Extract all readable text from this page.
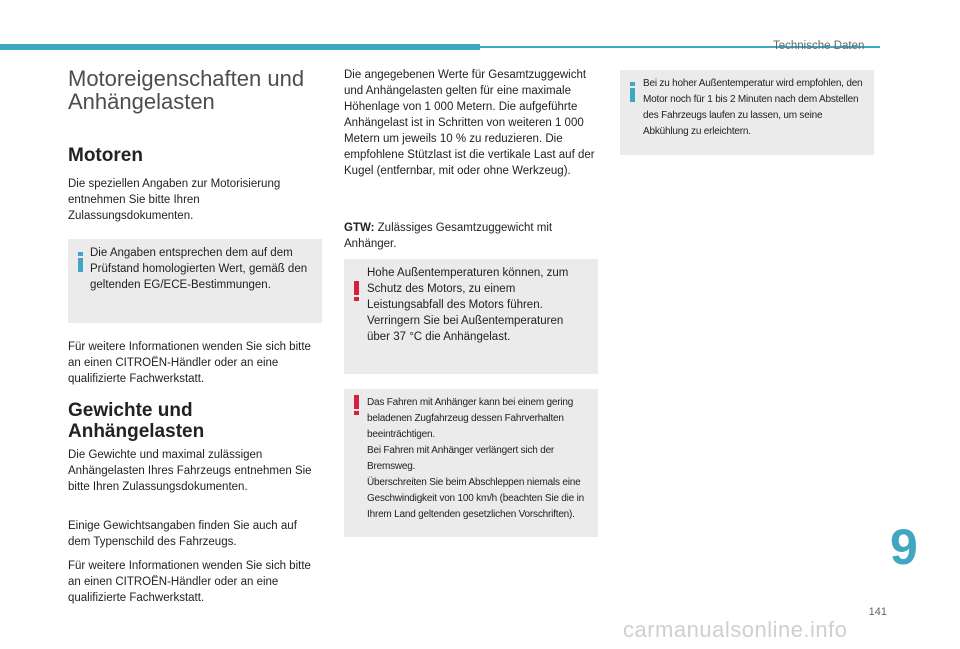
Technische Daten
Motoreigenschaften und Anhängelasten
Motoren

Die speziellen Angaben zur Motorisierung entnehmen Sie bitte Ihren Zulassungsdokumenten.

Die Angaben entsprechen dem auf dem Prüfstand homologierten Wert, gemäß den geltenden EG/ECE-Bestimmungen.

Für weitere Informationen wenden Sie sich bitte an einen CITROËN-Händler oder an eine qualifizierte Fachwerkstatt.

Gewichte und Anhängelasten

Die Gewichte und maximal zulässigen Anhängelasten Ihres Fahrzeugs entnehmen Sie bitte Ihren Zulassungsdokumenten.

Einige Gewichtsangaben finden Sie auch auf dem Typenschild des Fahrzeugs.

Für weitere Informationen wenden Sie sich bitte an einen CITROËN-Händler oder an eine qualifizierte Fachwerkstatt.

Die angegebenen Werte für Gesamtzuggewicht und Anhängelasten gelten für eine maximale Höhenlage von 1 000 Metern. Die aufgeführte Anhängelast ist in Schritten von weiteren 1 000 Metern um jeweils 10 % zu reduzieren. Die empfohlene Stützlast ist die vertikale Last auf der Kugel (entfernbar, mit oder ohne Werkzeug).

GTW: Zulässiges Gesamtzuggewicht mit Anhänger.

Hohe Außentemperaturen können, zum Schutz des Motors, zu einem Leistungsabfall des Motors führen. Verringern Sie bei Außentemperaturen über 37 °C die Anhängelast.
Das Fahren mit Anhänger kann bei einem gering beladenen Zugfahrzeug dessen Fahrverhalten beeinträchtigen.
Bei Fahren mit Anhänger verlängert sich der Bremsweg.
Überschreiten Sie beim Abschleppen niemals eine Geschwindigkeit von 100 km/h (beachten Sie die in Ihrem Land geltenden gesetzlichen Vorschriften).
Bei zu hoher Außentemperatur wird empfohlen, den Motor noch für 1 bis 2 Minuten nach dem Abstellen des Fahrzeugs laufen zu lassen, um seine Abkühlung zu erleichtern.
9
141
carmanualsonline.info
